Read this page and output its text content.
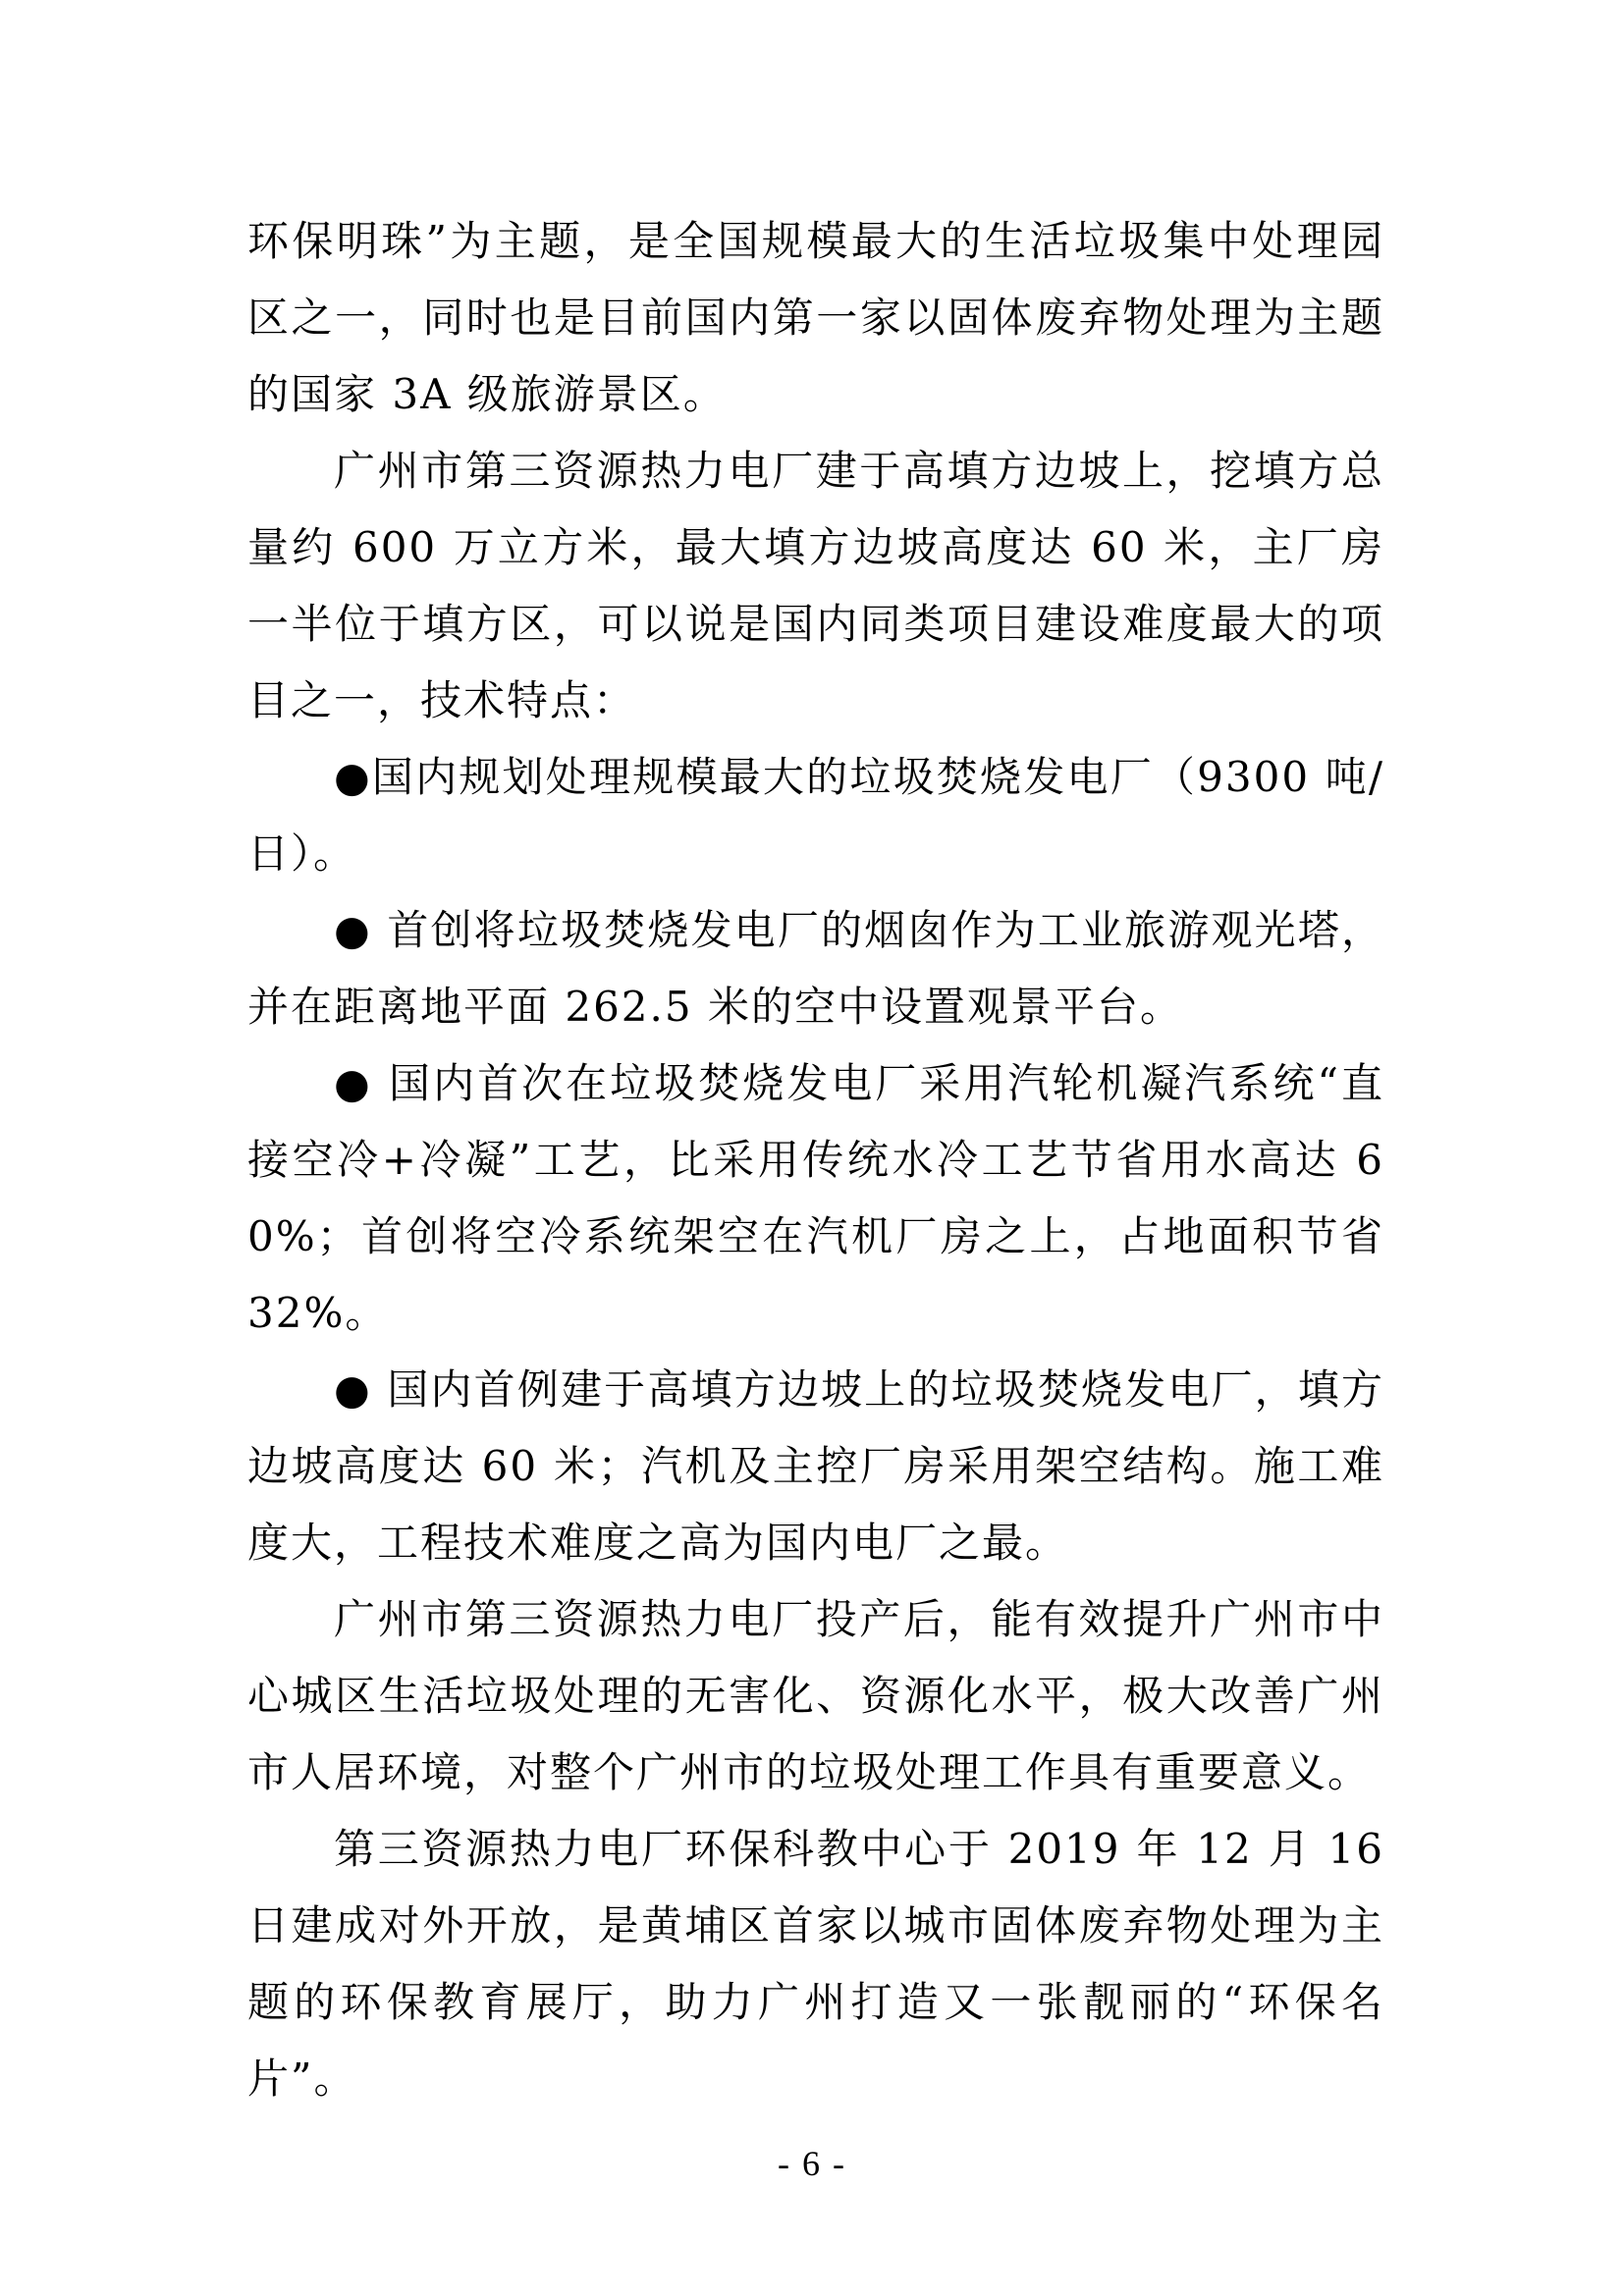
环保明珠”为主题，是全国规模最大的生活垃圾集中处理园区之一，同时也是目前国内第一家以固体废弃物处理为主题的国家 3A 级旅游景区。

广州市第三资源热力电厂建于高填方边坡上，挖填方总量约 600 万立方米，最大填方边坡高度达 60 米，主厂房一半位于填方区，可以说是国内同类项目建设难度最大的项目之一，技术特点：

●国内规划处理规模最大的垃圾焚烧发电厂（9300 吨/日）。

● 首创将垃圾焚烧发电厂的烟囱作为工业旅游观光塔，并在距离地平面 262.5 米的空中设置观景平台。

● 国内首次在垃圾焚烧发电厂采用汽轮机凝汽系统“直接空冷+冷凝”工艺，比采用传统水冷工艺节省用水高达 60%；首创将空冷系统架空在汽机厂房之上，占地面积节省 32%。

● 国内首例建于高填方边坡上的垃圾焚烧发电厂，填方边坡高度达 60 米；汽机及主控厂房采用架空结构。施工难度大，工程技术难度之高为国内电厂之最。

广州市第三资源热力电厂投产后，能有效提升广州市中心城区生活垃圾处理的无害化、资源化水平，极大改善广州市人居环境，对整个广州市的垃圾处理工作具有重要意义。

第三资源热力电厂环保科教中心于 2019 年 12 月 16 日建成对外开放，是黄埔区首家以城市固体废弃物处理为主题的环保教育展厅，助力广州打造又一张靓丽的“环保名片”。

- 6 -
